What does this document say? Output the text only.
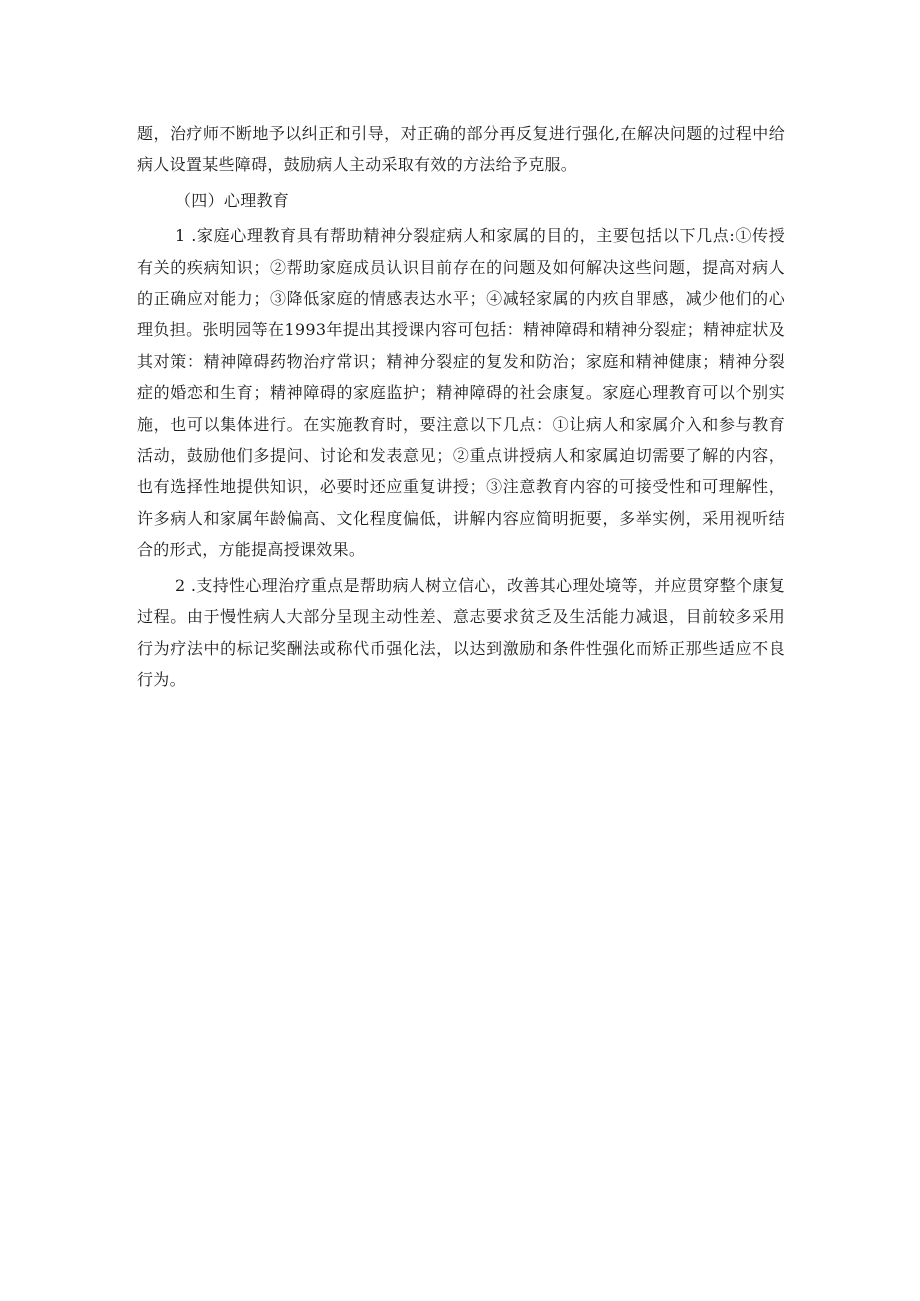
题，治疗师不断地予以纠正和引导，对正确的部分再反复进行强化,在解决问题的过程中给病人设置某些障碍，鼓励病人主动采取有效的方法给予克服。

（四）心理教育

1 .家庭心理教育具有帮助精神分裂症病人和家属的目的，主要包括以下几点:①传授有关的疾病知识；②帮助家庭成员认识目前存在的问题及如何解决这些问题，提高对病人的正确应对能力；③降低家庭的情感表达水平；④减轻家属的内疚自罪感，减少他们的心理负担。张明园等在1993年提出其授课内容可包括：精神障碍和精神分裂症；精神症状及其对策：精神障碍药物治疗常识；精神分裂症的复发和防治；家庭和精神健康；精神分裂症的婚恋和生育；精神障碍的家庭监护；精神障碍的社会康复。家庭心理教育可以个别实施，也可以集体进行。在实施教育时，要注意以下几点：①让病人和家属介入和参与教育活动，鼓励他们多提问、讨论和发表意见；②重点讲授病人和家属迫切需要了解的内容，也有选择性地提供知识，必要时还应重复讲授；③注意教育内容的可接受性和可理解性，许多病人和家属年龄偏高、文化程度偏低，讲解内容应简明扼要，多举实例，采用视听结合的形式，方能提高授课效果。

2 .支持性心理治疗重点是帮助病人树立信心，改善其心理处境等，并应贯穿整个康复过程。由于慢性病人大部分呈现主动性差、意志要求贫乏及生活能力减退，目前较多采用行为疗法中的标记奖酬法或称代币强化法，以达到激励和条件性强化而矫正那些适应不良行为。
